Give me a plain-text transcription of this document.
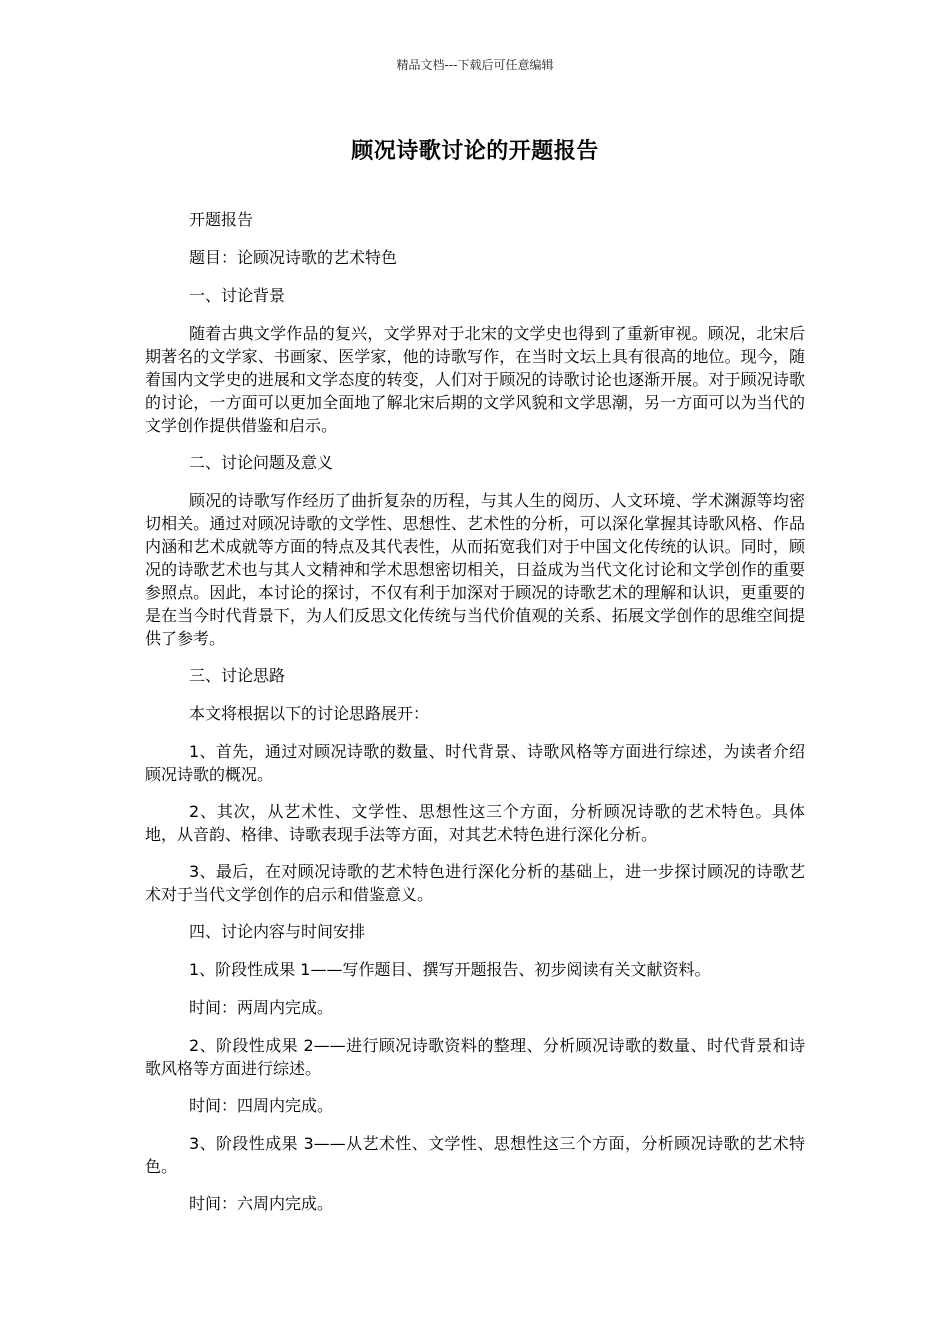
精品文档---下载后可任意编辑
顾况诗歌讨论的开题报告

开题报告

题目：论顾况诗歌的艺术特色

一、讨论背景

随着古典文学作品的复兴，文学界对于北宋的文学史也得到了重新审视。顾况，北宋后期著名的文学家、书画家、医学家，他的诗歌写作，在当时文坛上具有很高的地位。现今，随着国内文学史的进展和文学态度的转变，人们对于顾况的诗歌讨论也逐渐开展。对于顾况诗歌的讨论，一方面可以更加全面地了解北宋后期的文学风貌和文学思潮，另一方面可以为当代的文学创作提供借鉴和启示。

二、讨论问题及意义

顾况的诗歌写作经历了曲折复杂的历程，与其人生的阅历、人文环境、学术渊源等均密切相关。通过对顾况诗歌的文学性、思想性、艺术性的分析，可以深化掌握其诗歌风格、作品内涵和艺术成就等方面的特点及其代表性，从而拓宽我们对于中国文化传统的认识。同时，顾况的诗歌艺术也与其人文精神和学术思想密切相关，日益成为当代文化讨论和文学创作的重要参照点。因此，本讨论的探讨，不仅有利于加深对于顾况的诗歌艺术的理解和认识，更重要的是在当今时代背景下，为人们反思文化传统与当代价值观的关系、拓展文学创作的思维空间提供了参考。

三、讨论思路

本文将根据以下的讨论思路展开：

1、首先，通过对顾况诗歌的数量、时代背景、诗歌风格等方面进行综述，为读者介绍顾况诗歌的概况。

2、其次，从艺术性、文学性、思想性这三个方面，分析顾况诗歌的艺术特色。具体地，从音韵、格律、诗歌表现手法等方面，对其艺术特色进行深化分析。

3、最后，在对顾况诗歌的艺术特色进行深化分析的基础上，进一步探讨顾况的诗歌艺术对于当代文学创作的启示和借鉴意义。

四、讨论内容与时间安排

1、阶段性成果 1——写作题目、撰写开题报告、初步阅读有关文献资料。

时间：两周内完成。

2、阶段性成果 2——进行顾况诗歌资料的整理、分析顾况诗歌的数量、时代背景和诗歌风格等方面进行综述。

时间：四周内完成。

3、阶段性成果 3——从艺术性、文学性、思想性这三个方面，分析顾况诗歌的艺术特色。

时间：六周内完成。
